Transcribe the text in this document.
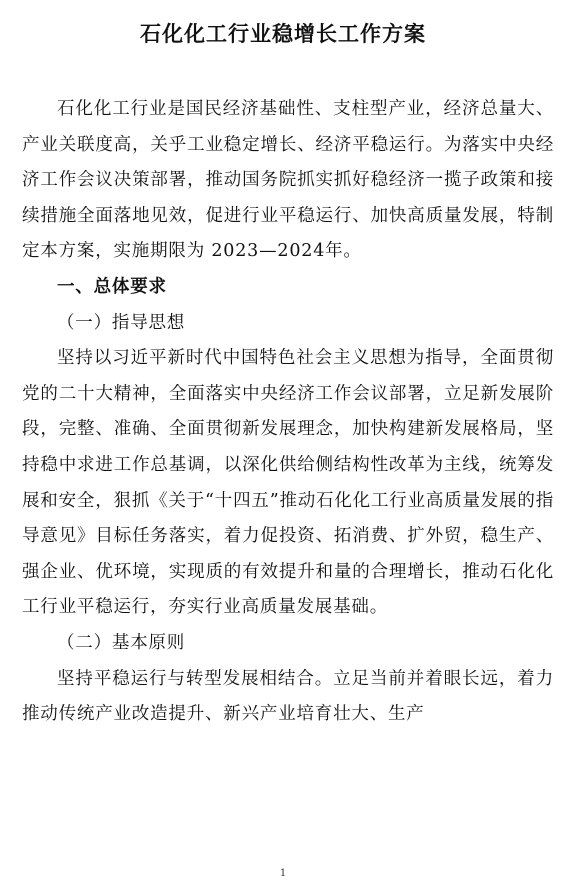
石化化工行业稳增长工作方案

石化化工行业是国民经济基础性、支柱型产业，经济总量大、产业关联度高，关乎工业稳定增长、经济平稳运行。为落实中央经济工作会议决策部署，推动国务院抓实抓好稳经济一揽子政策和接续措施全面落地见效，促进行业平稳运行、加快高质量发展，特制定本方案，实施期限为 2023—2024年。

一、总体要求

（一）指导思想

坚持以习近平新时代中国特色社会主义思想为指导，全面贯彻党的二十大精神，全面落实中央经济工作会议部署，立足新发展阶段，完整、准确、全面贯彻新发展理念，加快构建新发展格局，坚持稳中求进工作总基调，以深化供给侧结构性改革为主线，统筹发展和安全，狠抓《关于“十四五”推动石化化工行业高质量发展的指导意见》目标任务落实，着力促投资、拓消费、扩外贸，稳生产、强企业、优环境，实现质的有效提升和量的合理增长，推动石化化工行业平稳运行，夯实行业高质量发展基础。

（二）基本原则

坚持平稳运行与转型发展相结合。立足当前并着眼长远，着力推动传统产业改造提升、新兴产业培育壮大、生产

1
